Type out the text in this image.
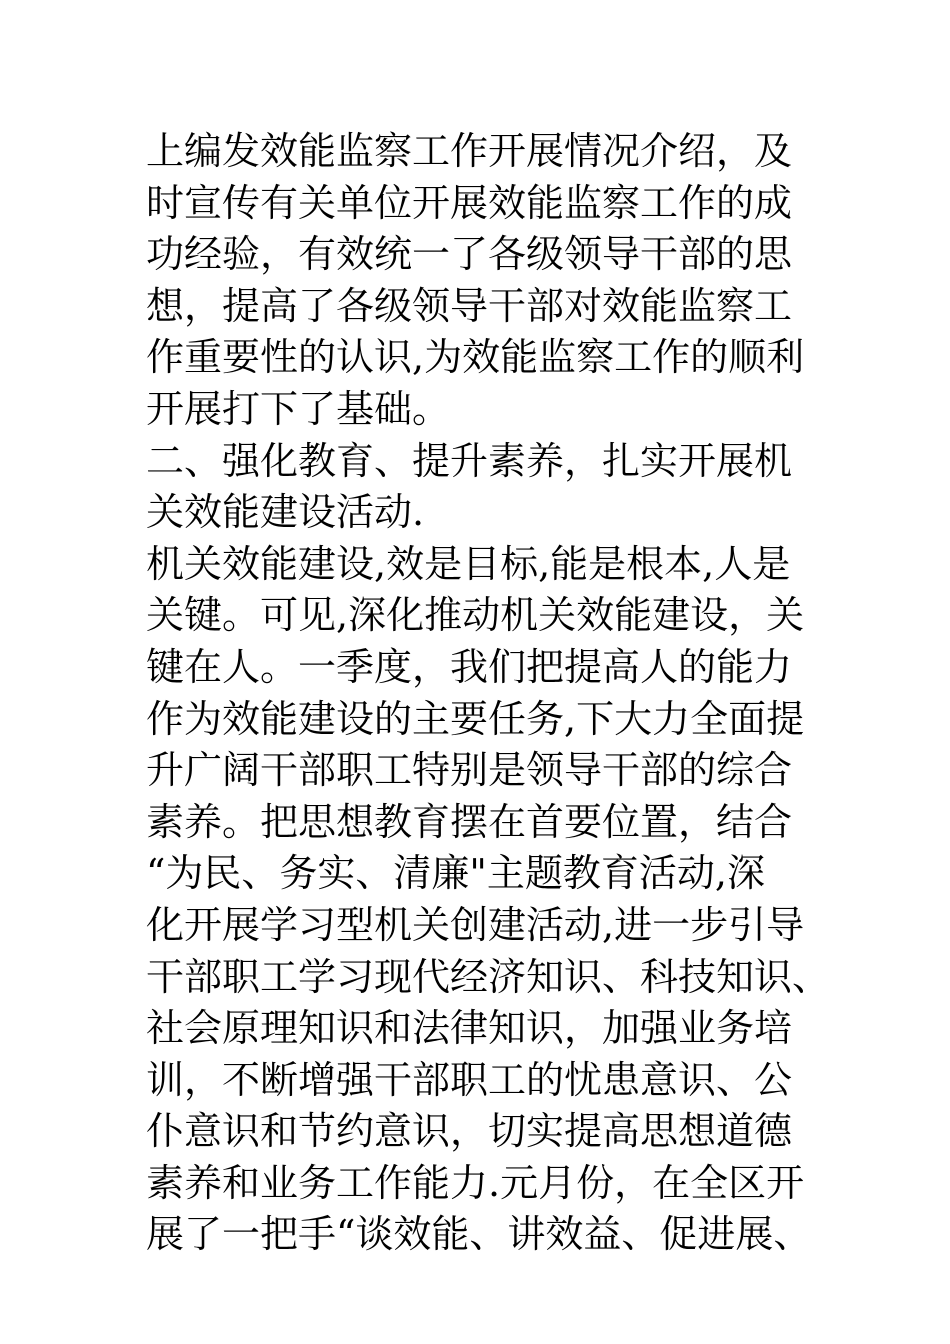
上编发效能监察工作开展情况介绍，及
时宣传有关单位开展效能监察工作的成
功经验，有效统一了各级领导干部的思
想，提高了各级领导干部对效能监察工
作重要性的认识,为效能监察工作的顺利
开展打下了基础。
二、强化教育、提升素养，扎实开展机
关效能建设活动.
机关效能建设,效是目标,能是根本,人是
关键。可见,深化推动机关效能建设，关
键在人。一季度，我们把提高人的能力
作为效能建设的主要任务,下大力全面提
升广阔干部职工特别是领导干部的综合
素养。把思想教育摆在首要位置，结合
“为民、务实、清廉"主题教育活动,深
化开展学习型机关创建活动,进一步引导
干部职工学习现代经济知识、科技知识、
社会原理知识和法律知识，加强业务培
训，不断增强干部职工的忧患意识、公
仆意识和节约意识，切实提高思想道德
素养和业务工作能力.元月份，在全区开
展了一把手“谈效能、讲效益、促进展、
